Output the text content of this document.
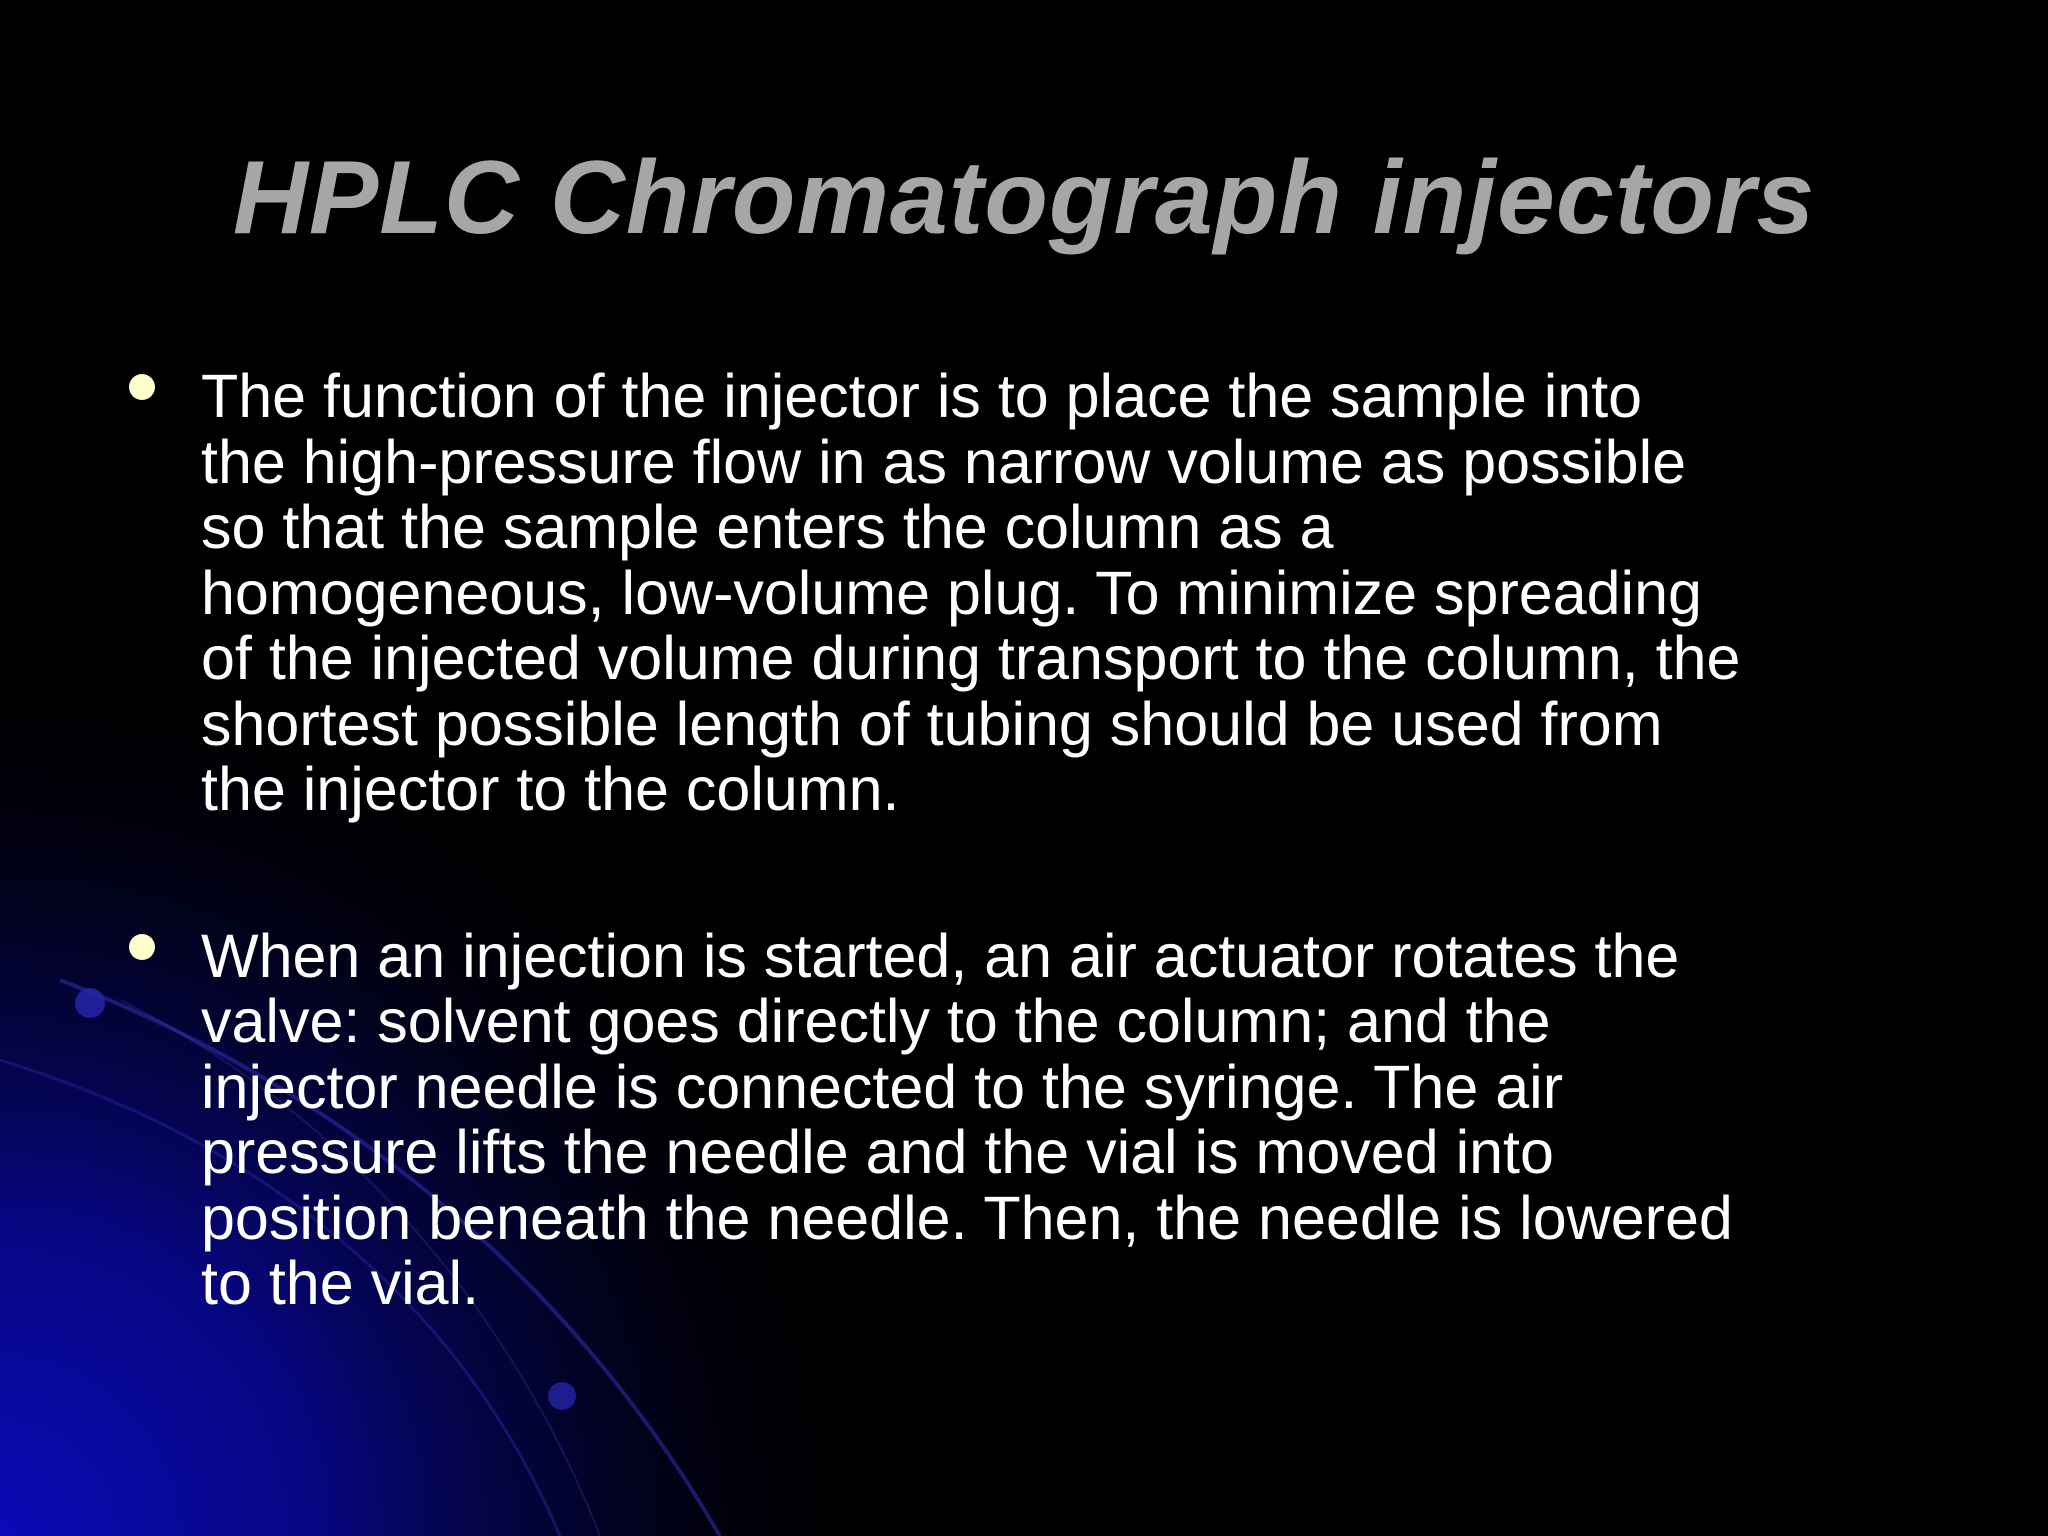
HPLC Chromatograph injectors

The function of the injector is to place the sample into
the high-pressure flow in as narrow volume as possible
so that the sample enters the column as a
homogeneous, low-volume plug. To minimize spreading
of the injected volume during transport to the column, the
shortest possible length of tubing should be used from
the injector to the column.

When an injection is started, an air actuator rotates the
valve: solvent goes directly to the column; and the
injector needle is connected to the syringe. The air
pressure lifts the needle and the vial is moved into
position beneath the needle. Then, the needle is lowered
to the vial.
